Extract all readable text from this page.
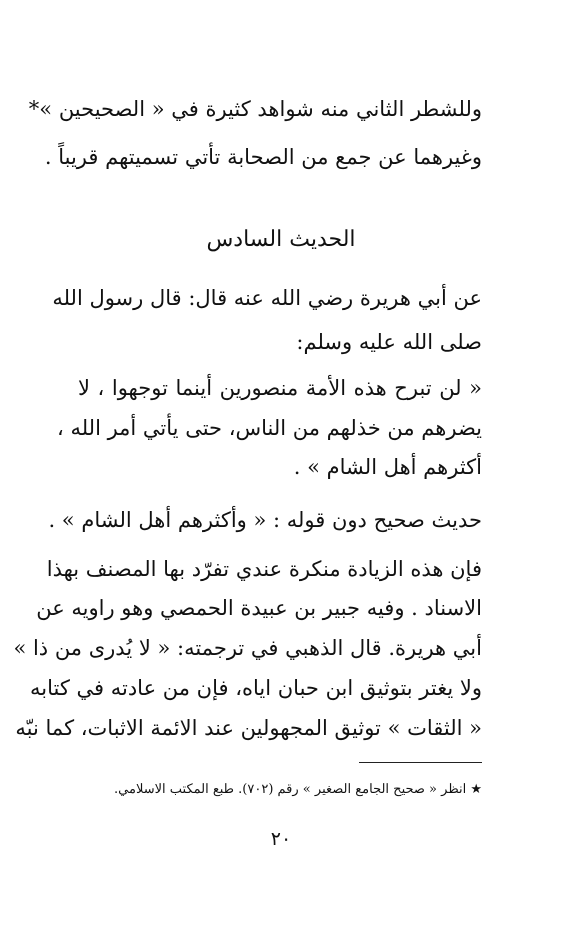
وللشطر الثاني منه شواهد كثيرة في « الصحيحين »*
وغيرهما عن جمع من الصحابة تأتي تسميتهم قريباً .
الحديث السادس
عن أبي هريرة رضي الله عنه قال: قال رسول الله
صلى الله عليه وسلم:
« لن تبرح هذه الأمة منصورين أينما توجهوا ، لا
يضرهم من خذلهم من الناس، حتى يأتي أمر الله ،
أكثرهم أهل الشام » .
حديث صحيح دون قوله : « وأكثرهم أهل الشام » .
فإن هذه الزيادة منكرة عندي تفرّد بها المصنف بهذا
الاسناد . وفيه جبير بن عبيدة الحمصي وهو راويه عن
أبي هريرة. قال الذهبي في ترجمته: « لا يُدرى من ذا »
ولا يغتر بتوثيق ابن حبان اياه، فإن من عادته في كتابه
« الثقات » توثيق المجهولين عند الائمة الاثبات، كما نبّه
★ انظر « صحيح الجامع الصغير » رقم (٧٠٢). طبع المكتب الاسلامي.
٢٠
